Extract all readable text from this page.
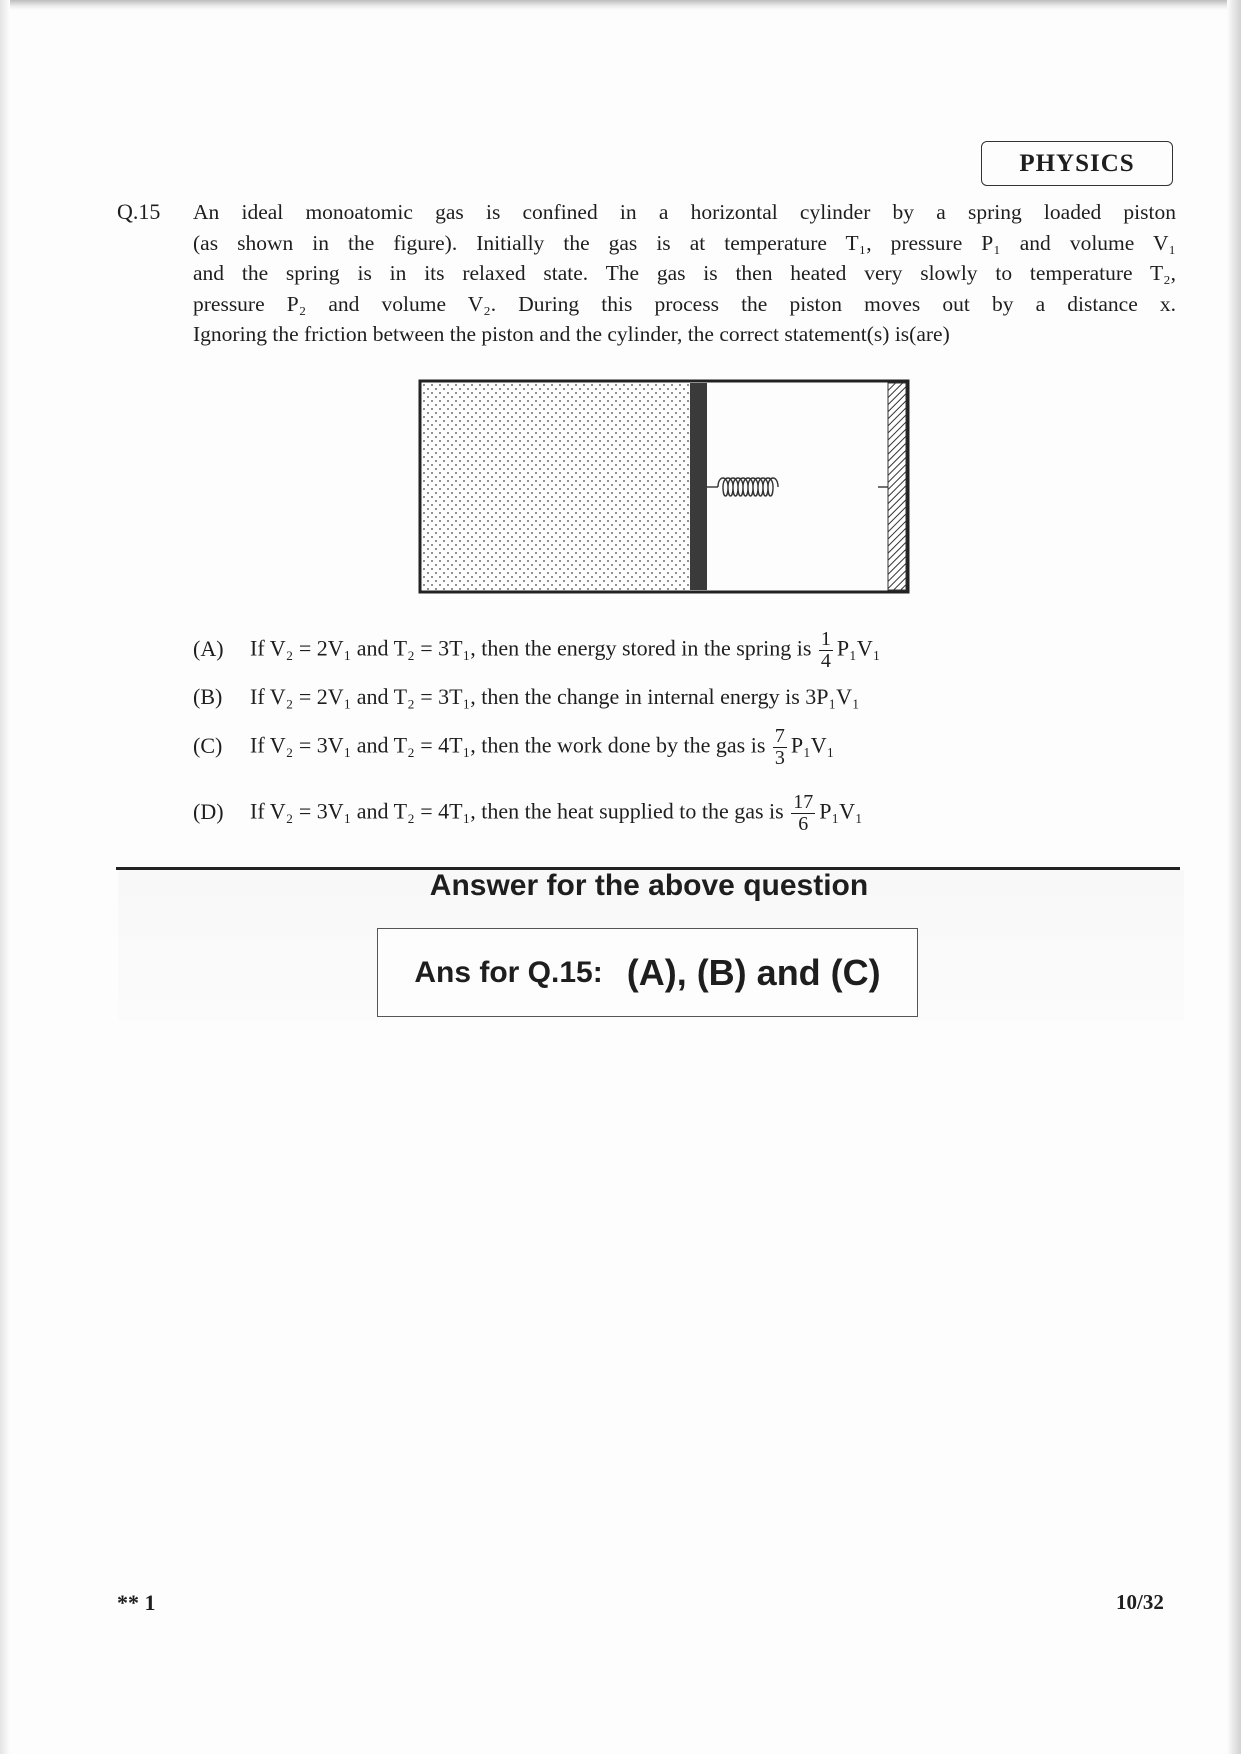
PHYSICS
Q.15 An ideal monoatomic gas is confined in a horizontal cylinder by a spring loaded piston
(as shown in the figure). Initially the gas is at temperature T₁, pressure P₁ and volume V₁
and the spring is in its relaxed state. The gas is then heated very slowly to temperature T₂,
pressure P₂ and volume V₂. During this process the piston moves out by a distance x.
Ignoring the friction between the piston and the cylinder, the correct statement(s) is(are)
(A) If V₂ = 2V₁ and T₂ = 3T₁, then the energy stored in the spring is $\frac{1}{4} P_1V_1$
(B) If V₂ = 2V₁ and T₂ = 3T₁, then the change in internal energy is 3P₁V₁
(C) If V₂ = 3V₁ and T₂ = 4T₁, then the work done by the gas is $\frac{7}{3} P_1V_1$
(D) If V₂ = 3V₁ and T₂ = 4T₁, then the heat supplied to the gas is $\frac{17}{6} P_1V_1$
Answer for the above question
Ans for Q.15: (A), (B) and (C)
** 1	10/32
